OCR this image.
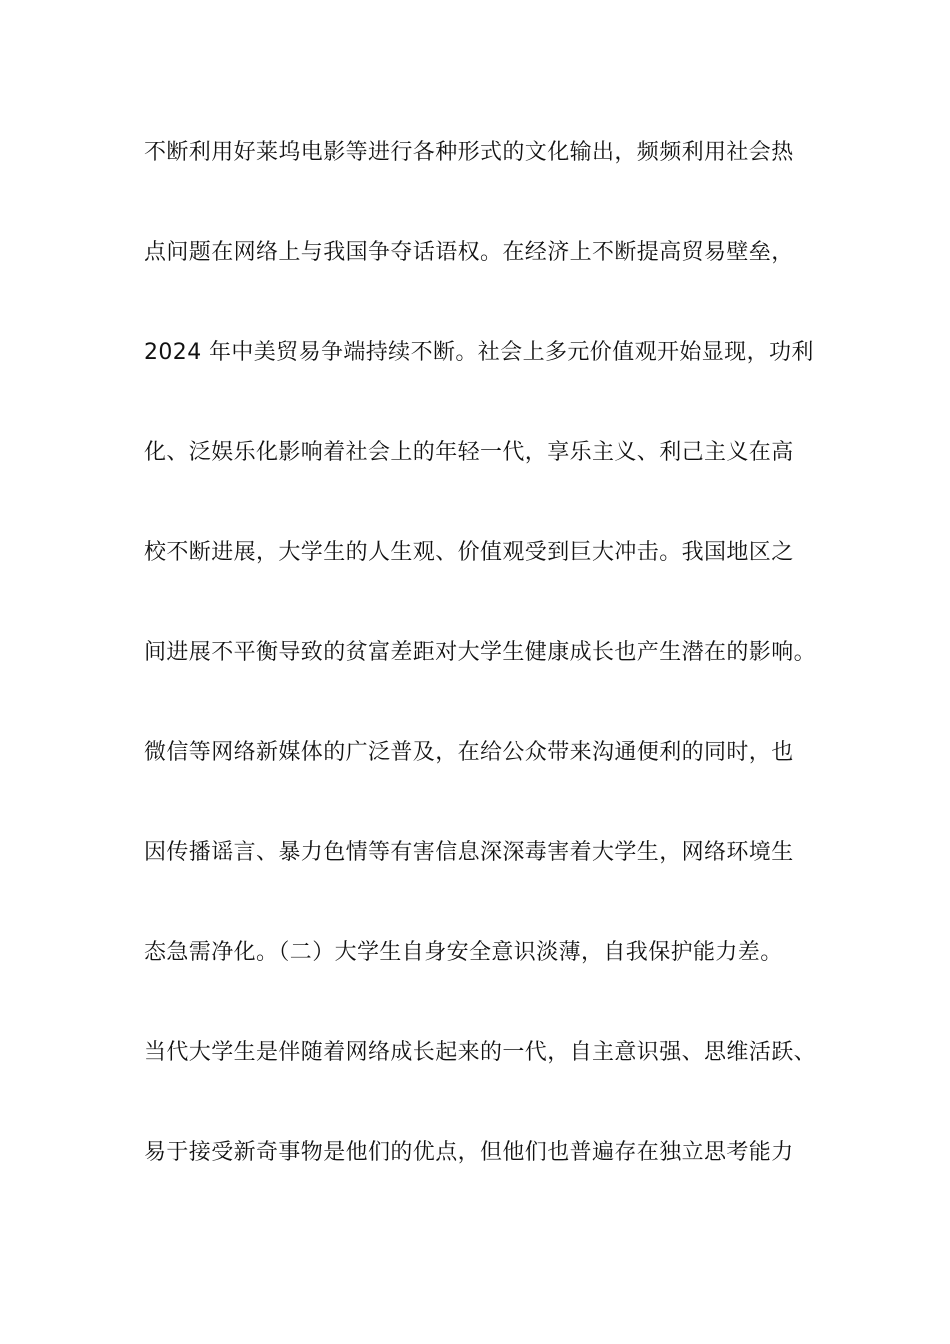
不断利用好莱坞电影等进行各种形式的文化输出，频频利用社会热
点问题在网络上与我国争夺话语权。在经济上不断提高贸易壁垒，
2024 年中美贸易争端持续不断。社会上多元价值观开始显现，功利
化、泛娱乐化影响着社会上的年轻一代，享乐主义、利己主义在高
校不断进展，大学生的人生观、价值观受到巨大冲击。我国地区之
间进展不平衡导致的贫富差距对大学生健康成长也产生潜在的影响。
微信等网络新媒体的广泛普及，在给公众带来沟通便利的同时，也
因传播谣言、暴力色情等有害信息深深毒害着大学生，网络环境生
态急需净化。（二）大学生自身安全意识淡薄，自我保护能力差。
当代大学生是伴随着网络成长起来的一代，自主意识强、思维活跃、
易于接受新奇事物是他们的优点，但他们也普遍存在独立思考能力
